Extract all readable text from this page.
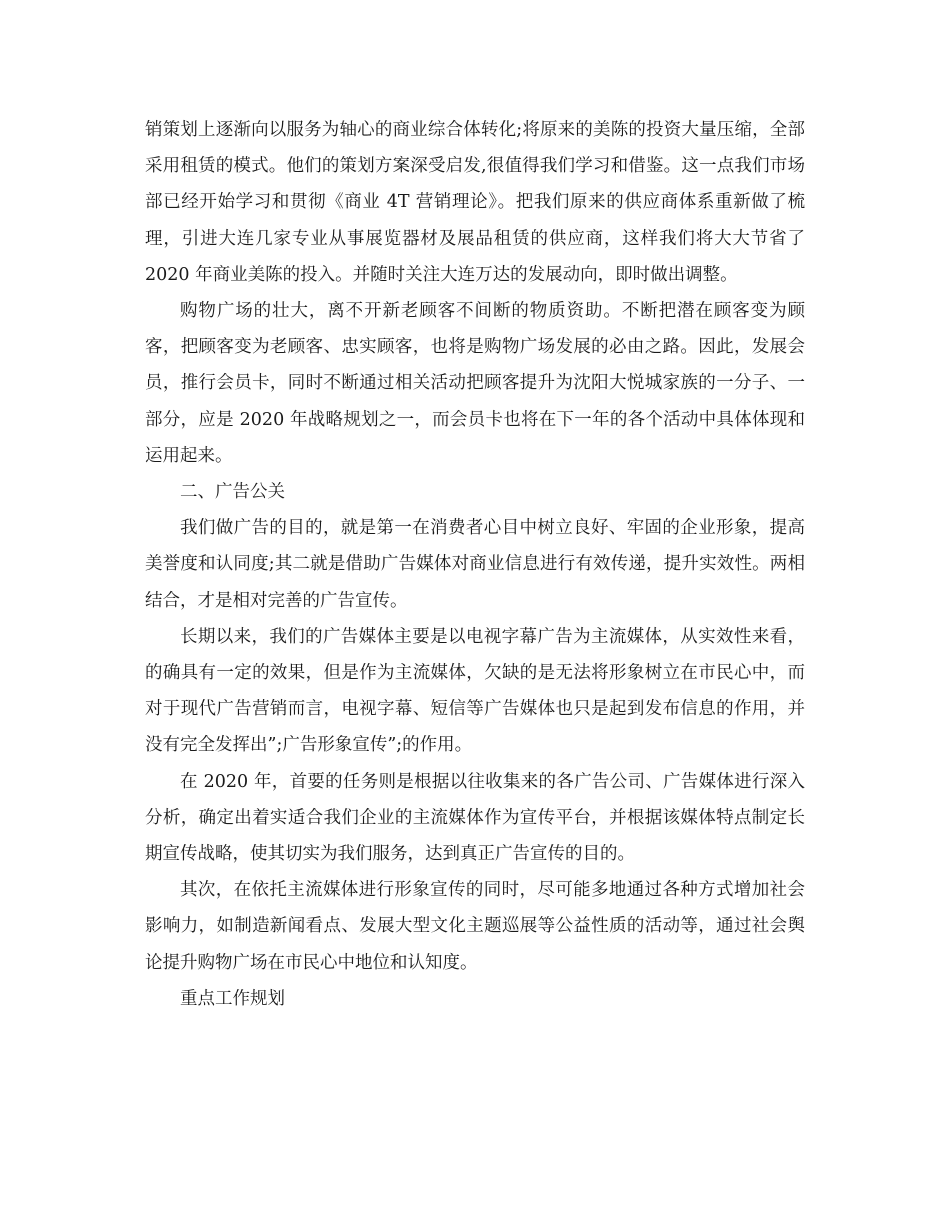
销策划上逐渐向以服务为轴心的商业综合体转化;将原来的美陈的投资大量压缩，全部采用租赁的模式。他们的策划方案深受启发,很值得我们学习和借鉴。这一点我们市场部已经开始学习和贯彻《商业 4T 营销理论》。把我们原来的供应商体系重新做了梳理，引进大连几家专业从事展览器材及展品租赁的供应商，这样我们将大大节省了 2020 年商业美陈的投入。并随时关注大连万达的发展动向，即时做出调整。

购物广场的壮大，离不开新老顾客不间断的物质资助。不断把潜在顾客变为顾客，把顾客变为老顾客、忠实顾客，也将是购物广场发展的必由之路。因此，发展会员，推行会员卡，同时不断通过相关活动把顾客提升为沈阳大悦城家族的一分子、一部分，应是 2020 年战略规划之一，而会员卡也将在下一年的各个活动中具体体现和运用起来。

二、广告公关

我们做广告的目的，就是第一在消费者心目中树立良好、牢固的企业形象，提高美誉度和认同度;其二就是借助广告媒体对商业信息进行有效传递，提升实效性。两相结合，才是相对完善的广告宣传。

长期以来，我们的广告媒体主要是以电视字幕广告为主流媒体，从实效性来看，的确具有一定的效果，但是作为主流媒体，欠缺的是无法将形象树立在市民心中，而对于现代广告营销而言，电视字幕、短信等广告媒体也只是起到发布信息的作用，并没有完全发挥出”;广告形象宣传”;的作用。

在 2020 年，首要的任务则是根据以往收集来的各广告公司、广告媒体进行深入分析，确定出着实适合我们企业的主流媒体作为宣传平台，并根据该媒体特点制定长期宣传战略，使其切实为我们服务，达到真正广告宣传的目的。

其次，在依托主流媒体进行形象宣传的同时，尽可能多地通过各种方式增加社会影响力，如制造新闻看点、发展大型文化主题巡展等公益性质的活动等，通过社会舆论提升购物广场在市民心中地位和认知度。

重点工作规划
